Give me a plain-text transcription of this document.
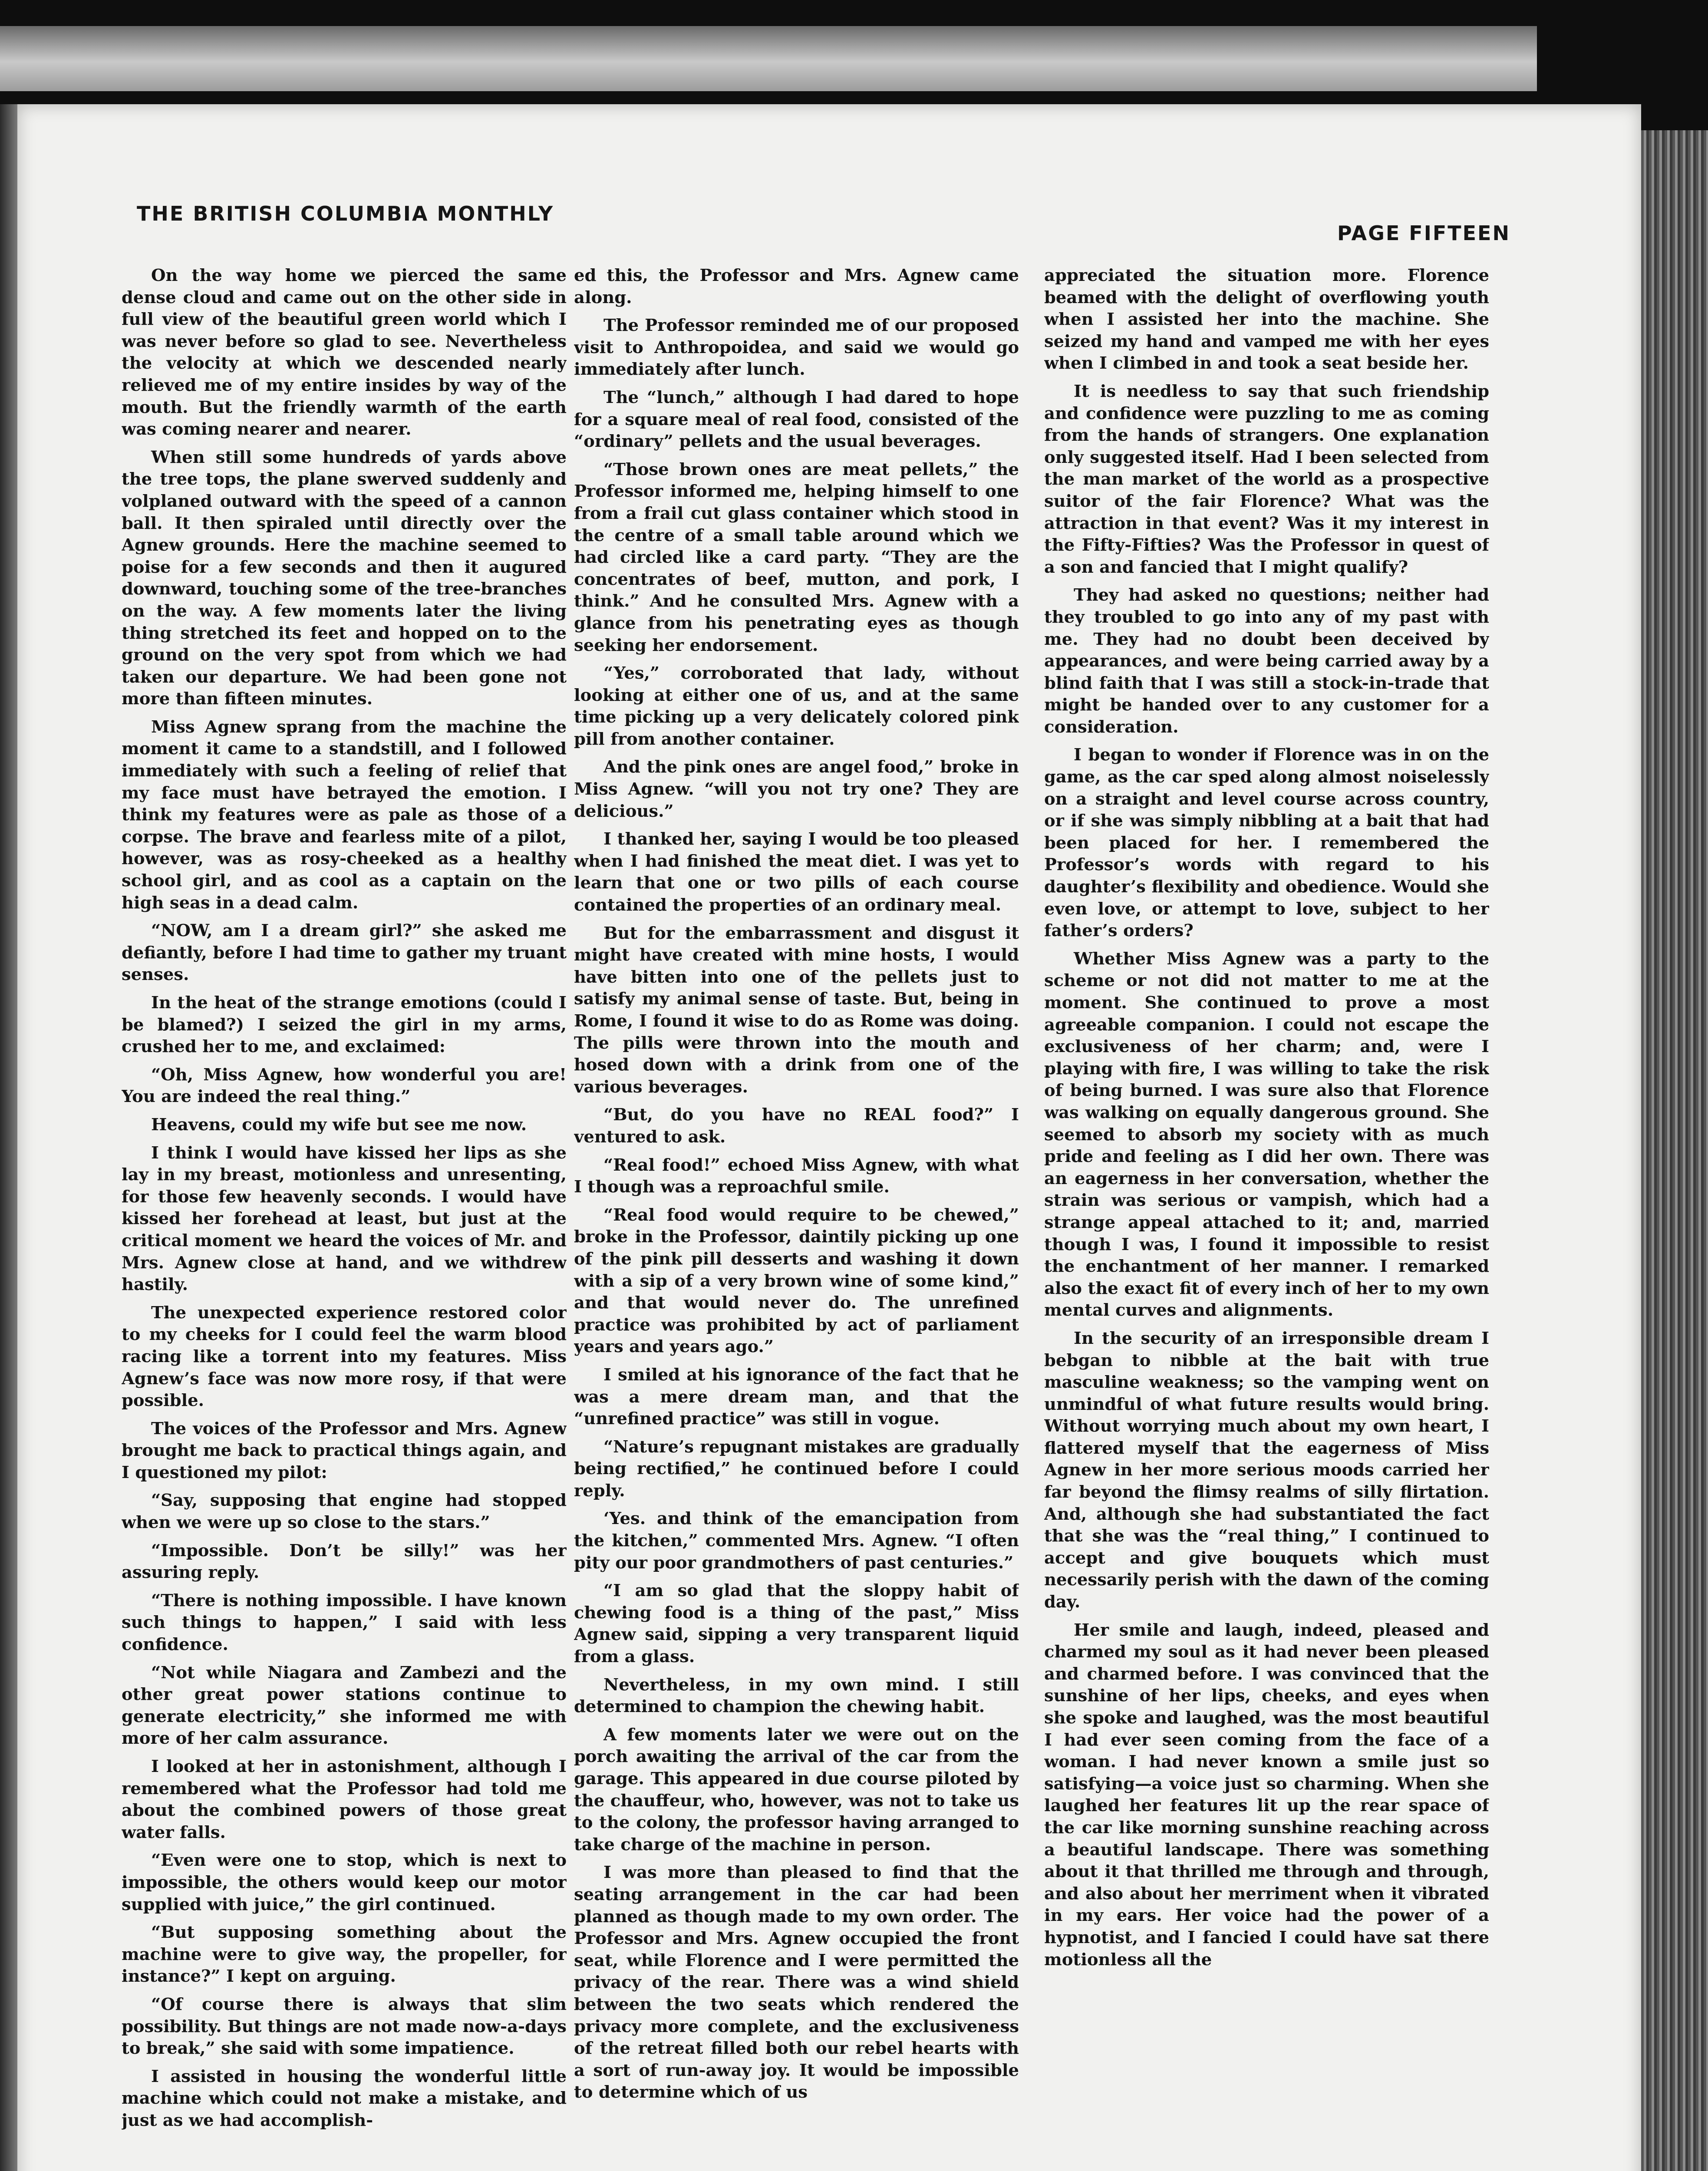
THE BRITISH COLUMBIA MONTHLY
PAGE FIFTEEN

On the way home we pierced the same dense cloud and came out on the other side in full view of the beautiful green world which I was never before so glad to see. Nevertheless the velocity at which we descended nearly relieved me of my entire insides by way of the mouth. But the friendly warmth of the earth was coming nearer and nearer.

When still some hundreds of yards above the tree tops, the plane swerved suddenly and volplaned outward with the speed of a cannon ball. It then spiraled until directly over the Agnew grounds. Here the machine seemed to poise for a few seconds and then it augured downward, touching some of the tree-branches on the way. A few moments later the living thing stretched its feet and hopped on to the ground on the very spot from which we had taken our departure. We had been gone not more than fifteen minutes.

Miss Agnew sprang from the machine the moment it came to a standstill, and I followed immediately with such a feeling of relief that my face must have betrayed the emotion. I think my features were as pale as those of a corpse. The brave and fearless mite of a pilot, however, was as rosy-cheeked as a healthy school girl, and as cool as a captain on the high seas in a dead calm.

“NOW, am I a dream girl?” she asked me defiantly, before I had time to gather my truant senses.

In the heat of the strange emotions (could I be blamed?) I seized the girl in my arms, crushed her to me, and exclaimed:

“Oh, Miss Agnew, how wonderful you are! You are indeed the real thing.”

Heavens, could my wife but see me now.

I think I would have kissed her lips as she lay in my breast, motionless and unresenting, for those few heavenly seconds. I would have kissed her forehead at least, but just at the critical moment we heard the voices of Mr. and Mrs. Agnew close at hand, and we withdrew hastily.

The unexpected experience restored color to my cheeks for I could feel the warm blood racing like a torrent into my features. Miss Agnew’s face was now more rosy, if that were possible.

The voices of the Professor and Mrs. Agnew brought me back to practical things again, and I questioned my pilot:

“Say, supposing that engine had stopped when we were up so close to the stars.”

“Impossible. Don’t be silly!” was her assuring reply.

“There is nothing impossible. I have known such things to happen,” I said with less confidence.

“Not while Niagara and Zambezi and the other great power stations continue to generate electricity,” she informed me with more of her calm assurance.

I looked at her in astonishment, although I remembered what the Professor had told me about the combined powers of those great water falls.

“Even were one to stop, which is next to impossible, the others would keep our motor supplied with juice,” the girl continued.

“But supposing something about the machine were to give way, the propeller, for instance?” I kept on arguing.

“Of course there is always that slim possibility. But things are not made now-a-days to break,” she said with some impatience.

I assisted in housing the wonderful little machine which could not make a mistake, and just as we had accomplish-

ed this, the Professor and Mrs. Agnew came along.

The Professor reminded me of our proposed visit to Anthropoidea, and said we would go immediately after lunch.

The “lunch,” although I had dared to hope for a square meal of real food, consisted of the “ordinary” pellets and the usual beverages.

“Those brown ones are meat pellets,” the Professor informed me, helping himself to one from a frail cut glass container which stood in the centre of a small table around which we had circled like a card party. “They are the concentrates of beef, mutton, and pork, I think.” And he consulted Mrs. Agnew with a glance from his penetrating eyes as though seeking her endorsement.

“Yes,” corroborated that lady, without looking at either one of us, and at the same time picking up a very delicately colored pink pill from another container.

And the pink ones are angel food,” broke in Miss Agnew. “will you not try one? They are delicious.”

I thanked her, saying I would be too pleased when I had finished the meat diet. I was yet to learn that one or two pills of each course contained the properties of an ordinary meal.

But for the embarrassment and disgust it might have created with mine hosts, I would have bitten into one of the pellets just to satisfy my animal sense of taste. But, being in Rome, I found it wise to do as Rome was doing. The pills were thrown into the mouth and hosed down with a drink from one of the various beverages.

“But, do you have no REAL food?” I ventured to ask.

“Real food!” echoed Miss Agnew, with what I though was a reproachful smile.

“Real food would require to be chewed,” broke in the Professor, daintily picking up one of the pink pill desserts and washing it down with a sip of a very brown wine of some kind,” and that would never do. The unrefined practice was prohibited by act of parliament years and years ago.”

I smiled at his ignorance of the fact that he was a mere dream man, and that the “unrefined practice” was still in vogue.

“Nature’s repugnant mistakes are gradually being rectified,” he continued before I could reply.

‘Yes. and think of the emancipation from the kitchen,” commented Mrs. Agnew. “I often pity our poor grandmothers of past centuries.”

“I am so glad that the sloppy habit of chewing food is a thing of the past,” Miss Agnew said, sipping a very transparent liquid from a glass.

Nevertheless, in my own mind. I still determined to champion the chewing habit.

A few moments later we were out on the porch awaiting the arrival of the car from the garage. This appeared in due course piloted by the chauffeur, who, however, was not to take us to the colony, the professor having arranged to take charge of the machine in person.

I was more than pleased to find that the seating arrangement in the car had been planned as though made to my own order. The Professor and Mrs. Agnew occupied the front seat, while Florence and I were permitted the privacy of the rear. There was a wind shield between the two seats which rendered the privacy more complete, and the exclusiveness of the retreat filled both our rebel hearts with a sort of run-away joy. It would be impossible to determine which of us

appreciated the situation more. Florence beamed with the delight of overflowing youth when I assisted her into the machine. She seized my hand and vamped me with her eyes when I climbed in and took a seat beside her.

It is needless to say that such friendship and confidence were puzzling to me as coming from the hands of strangers. One explanation only suggested itself. Had I been selected from the man market of the world as a prospective suitor of the fair Florence? What was the attraction in that event? Was it my interest in the Fifty-Fifties? Was the Professor in quest of a son and fancied that I might qualify?

They had asked no questions; neither had they troubled to go into any of my past with me. They had no doubt been deceived by appearances, and were being carried away by a blind faith that I was still a stock-in-trade that might be handed over to any customer for a consideration.

I began to wonder if Florence was in on the game, as the car sped along almost noiselessly on a straight and level course across country, or if she was simply nibbling at a bait that had been placed for her. I remembered the Professor’s words with regard to his daughter’s flexibility and obedience. Would she even love, or attempt to love, subject to her father’s orders?

Whether Miss Agnew was a party to the scheme or not did not matter to me at the moment. She continued to prove a most agreeable companion. I could not escape the exclusiveness of her charm; and, were I playing with fire, I was willing to take the risk of being burned. I was sure also that Florence was walking on equally dangerous ground. She seemed to absorb my society with as much pride and feeling as I did her own. There was an eagerness in her conversation, whether the strain was serious or vampish, which had a strange appeal attached to it; and, married though I was, I found it impossible to resist the enchantment of her manner. I remarked also the exact fit of every inch of her to my own mental curves and alignments.

In the security of an irresponsible dream I bebgan to nibble at the bait with true masculine weakness; so the vamping went on unmindful of what future results would bring. Without worrying much about my own heart, I flattered myself that the eagerness of Miss Agnew in her more serious moods carried her far beyond the flimsy realms of silly flirtation. And, although she had substantiated the fact that she was the “real thing,” I continued to accept and give bouquets which must necessarily perish with the dawn of the coming day.

Her smile and laugh, indeed, pleased and charmed my soul as it had never been pleased and charmed before. I was convinced that the sunshine of her lips, cheeks, and eyes when she spoke and laughed, was the most beautiful I had ever seen coming from the face of a woman. I had never known a smile just so satisfying—a voice just so charming. When she laughed her features lit up the rear space of the car like morning sunshine reaching across a beautiful landscape. There was something about it that thrilled me through and through, and also about her merriment when it vibrated in my ears. Her voice had the power of a hypnotist, and I fancied I could have sat there motionless all the
